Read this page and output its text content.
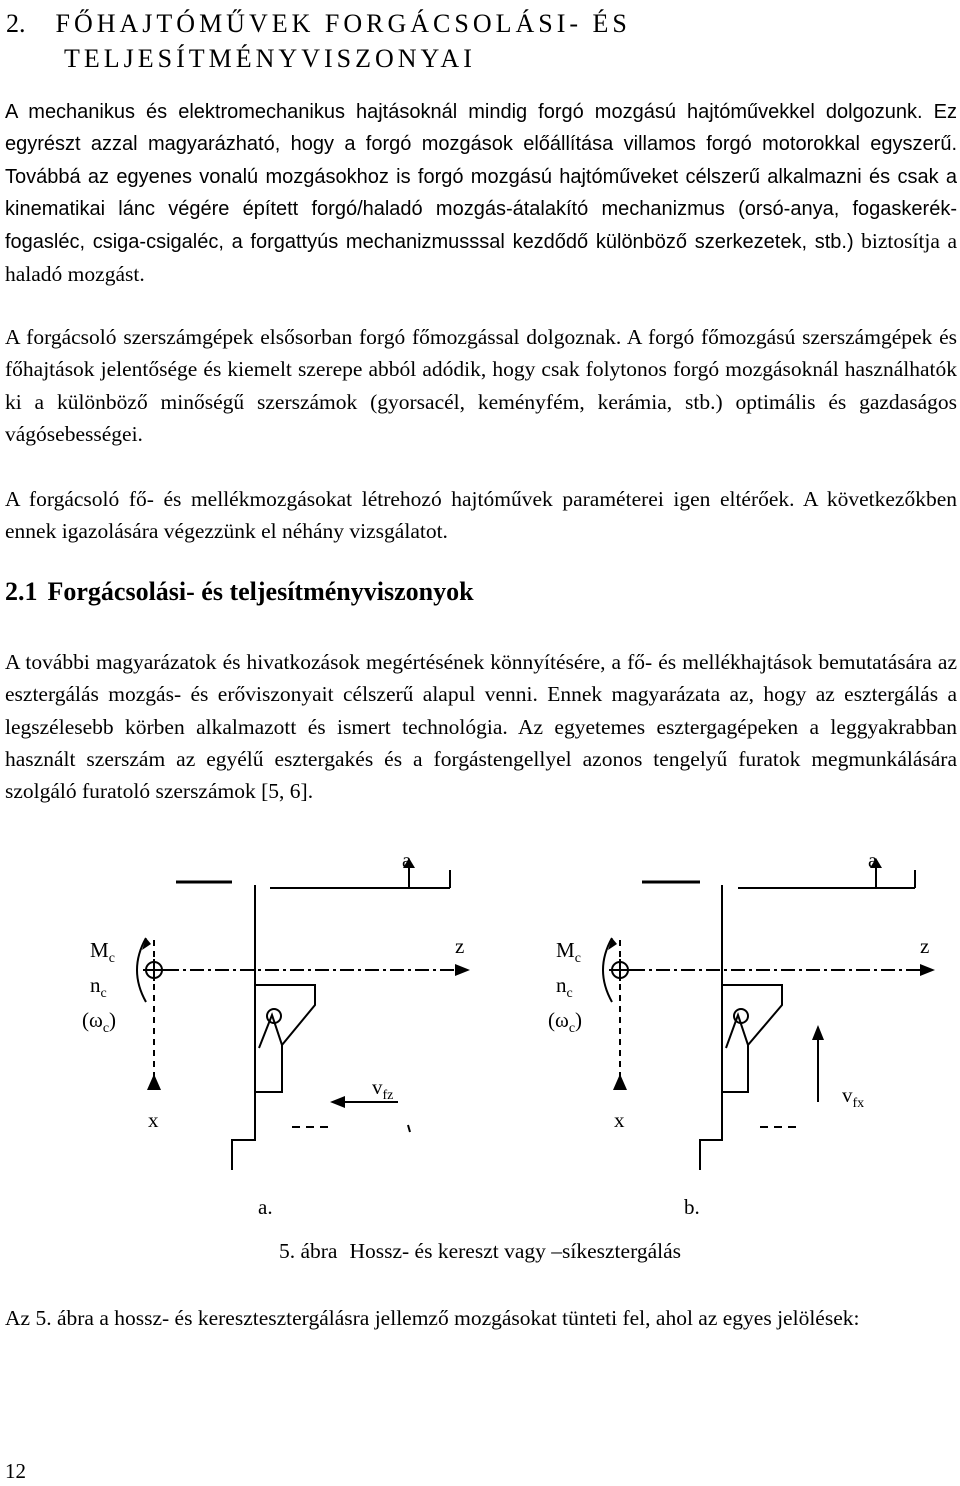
2. FŐHAJTÓMŰVEK FORGÁCSOLÁSI- ÉS
TELJESÍTMÉNYVISZONYAI

A mechanikus és elektromechanikus hajtásoknál mindig forgó mozgású hajtóművekkel dolgozunk. Ez egyrészt azzal magyarázható, hogy a forgó mozgások előállítása villamos forgó motorokkal egyszerű. Továbbá az egyenes vonalú mozgásokhoz is forgó mozgású hajtóműveket célszerű alkalmazni és csak a kinematikai lánc végére épített forgó/haladó mozgás-átalakító mechanizmus (orsó-anya, fogaskerék-fogasléc, csiga-csigaléc, a forgattyús mechanizmusssal kezdődő különböző szerkezetek, stb.) biztosítja a haladó mozgást.

A forgácsoló szerszámgépek elsősorban forgó főmozgással dolgoznak. A forgó főmozgású szerszámgépek és főhajtások jelentősége és kiemelt szerepe abból adódik, hogy csak folytonos forgó mozgásoknál használhatók ki a különböző minőségű szerszámok (gyorsacél, keményfém, kerámia, stb.) optimális és gazdaságos vágósebességei.

A forgácsoló fő- és mellékmozgásokat létrehozó hajtóművek paraméterei igen eltérőek. A következőkben ennek igazolására végezzünk el néhány vizsgálatot.

2.1 Forgácsolási- és teljesítményviszonyok

A további magyarázatok és hivatkozások megértésének könnyítésére, a fő- és mellékhajtások bemutatására az esztergálás mozgás- és erőviszonyait célszerű alapul venni. Ennek magyarázata az, hogy az esztergálás a legszélesebb körben alkalmazott és ismert technológia. Az egyetemes esztergagépeken a leggyakrabban használt szerszám az egyélű esztergakés és a forgástengellyel azonos tengelyű furatok megmunkálására szolgáló furatoló szerszámok [5, 6].

a
z
x
$M_c$
$n_c$
$(\omega_c)$
$v_{fz}$
a.
a
z
x
$M_c$
$n_c$
$(\omega_c)$
$v_{fx}$
b.
5. ábra Hossz- és kereszt vagy –síkesztergálás

Az 5. ábra a hossz- és keresztesztergálásra jellemző mozgásokat tünteti fel, ahol az egyes jelölések:

12
